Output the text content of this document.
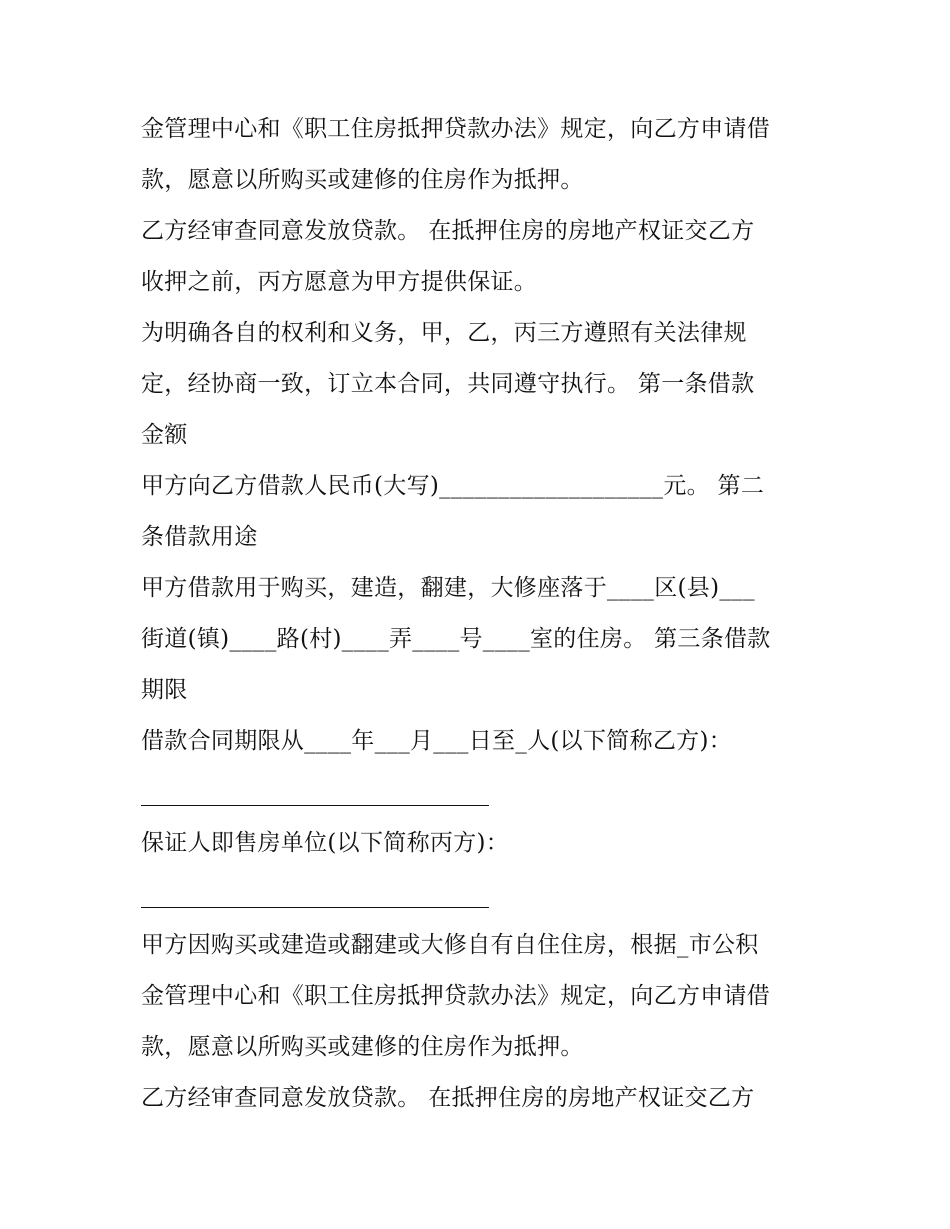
金管理中心和《职工住房抵押贷款办法》规定，向乙方申请借
款，愿意以所购买或建修的住房作为抵押。
乙方经审查同意发放贷款。 在抵押住房的房地产权证交乙方
收押之前，丙方愿意为甲方提供保证。
为明确各自的权利和义务，甲，乙，丙三方遵照有关法律规
定，经协商一致，订立本合同，共同遵守执行。 第一条借款
金额
甲方向乙方借款人民币(大写)___________________元。 第二
条借款用途
甲方借款用于购买，建造，翻建，大修座落于____区(县)___
街道(镇)____路(村)____弄____号____室的住房。 第三条借款
期限
借款合同期限从____年___月___日至_人(以下简称乙方)：
保证人即售房单位(以下简称丙方)：
甲方因购买或建造或翻建或大修自有自住住房，根据_市公积
金管理中心和《职工住房抵押贷款办法》规定，向乙方申请借
款，愿意以所购买或建修的住房作为抵押。
乙方经审查同意发放贷款。 在抵押住房的房地产权证交乙方
